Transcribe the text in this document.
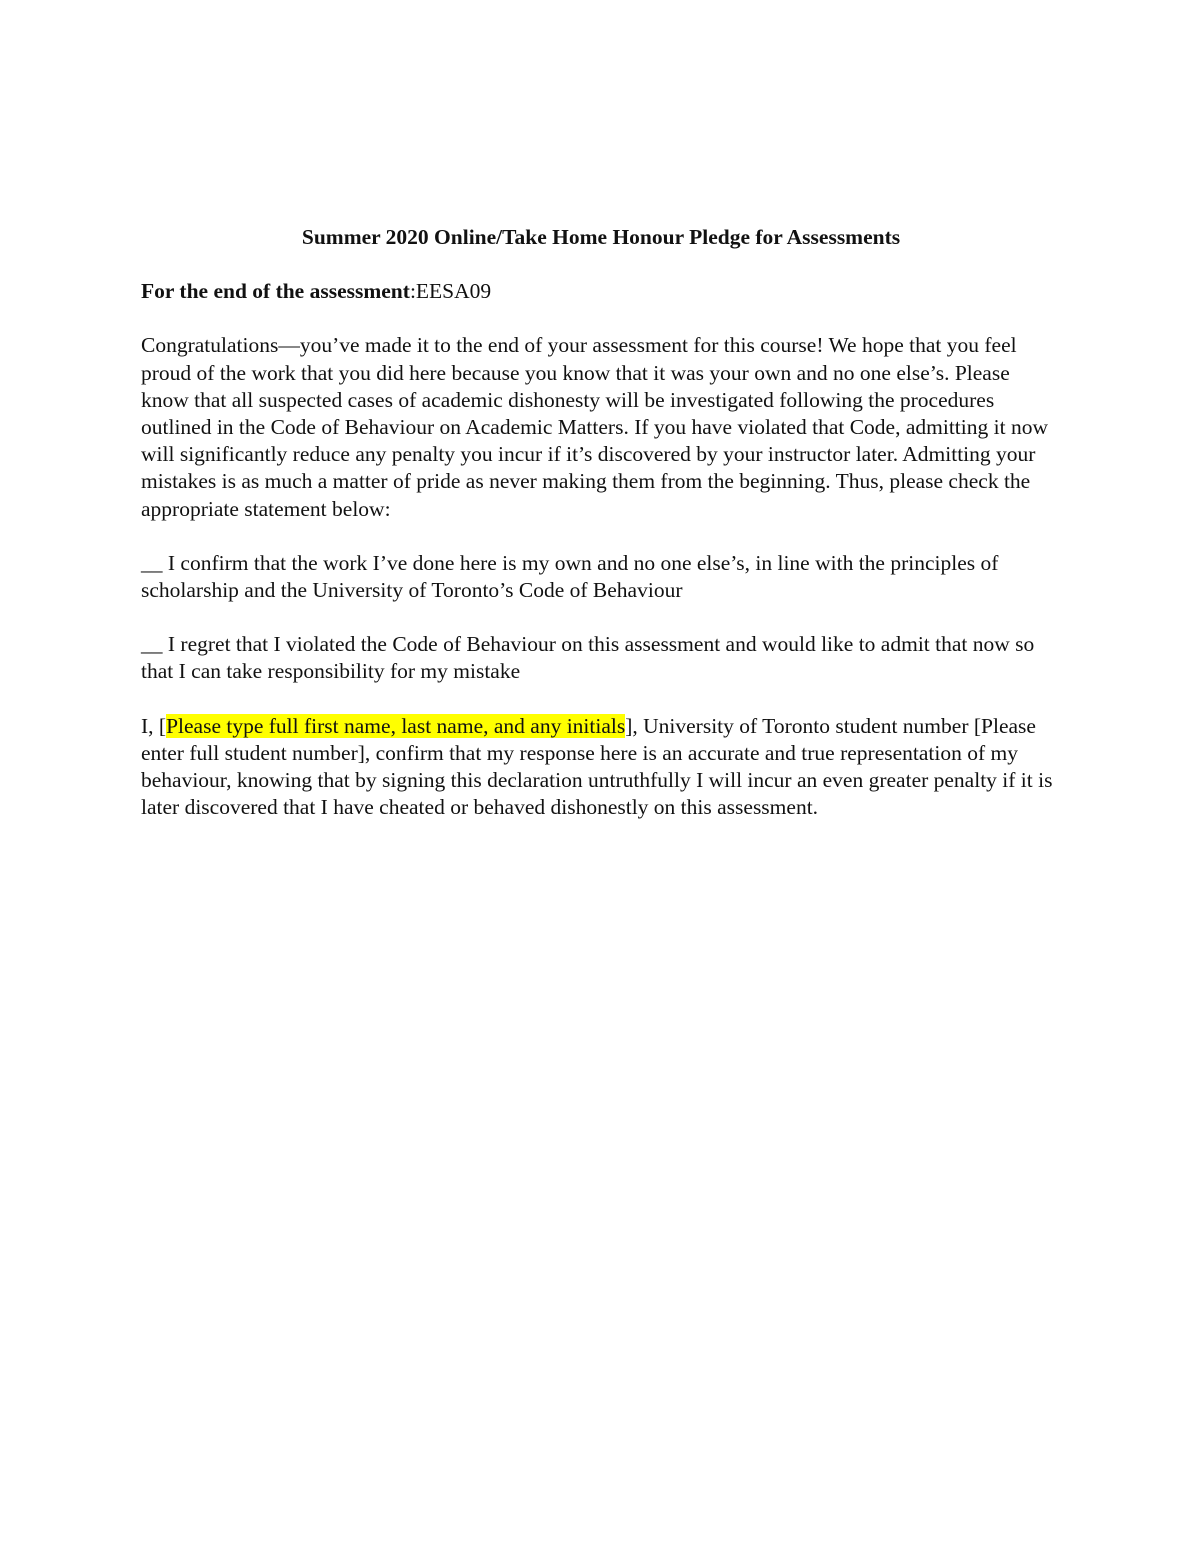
Summer 2020 Online/Take Home Honour Pledge for Assessments
For the end of the assessment:EESA09

Congratulations—you’ve made it to the end of your assessment for this course! We hope that you feel proud of the work that you did here because you know that it was your own and no one else’s. Please know that all suspected cases of academic dishonesty will be investigated following the procedures outlined in the Code of Behaviour on Academic Matters. If you have violated that Code, admitting it now will significantly reduce any penalty you incur if it’s discovered by your instructor later. Admitting your mistakes is as much a matter of pride as never making them from the beginning. Thus, please check the appropriate statement below:

__ I confirm that the work I’ve done here is my own and no one else’s, in line with the principles of scholarship and the University of Toronto’s Code of Behaviour

__ I regret that I violated the Code of Behaviour on this assessment and would like to admit that now so that I can take responsibility for my mistake

I, [Please type full first name, last name, and any initials], University of Toronto student number [Please enter full student number], confirm that my response here is an accurate and true representation of my behaviour, knowing that by signing this declaration untruthfully I will incur an even greater penalty if it is later discovered that I have cheated or behaved dishonestly on this assessment.
